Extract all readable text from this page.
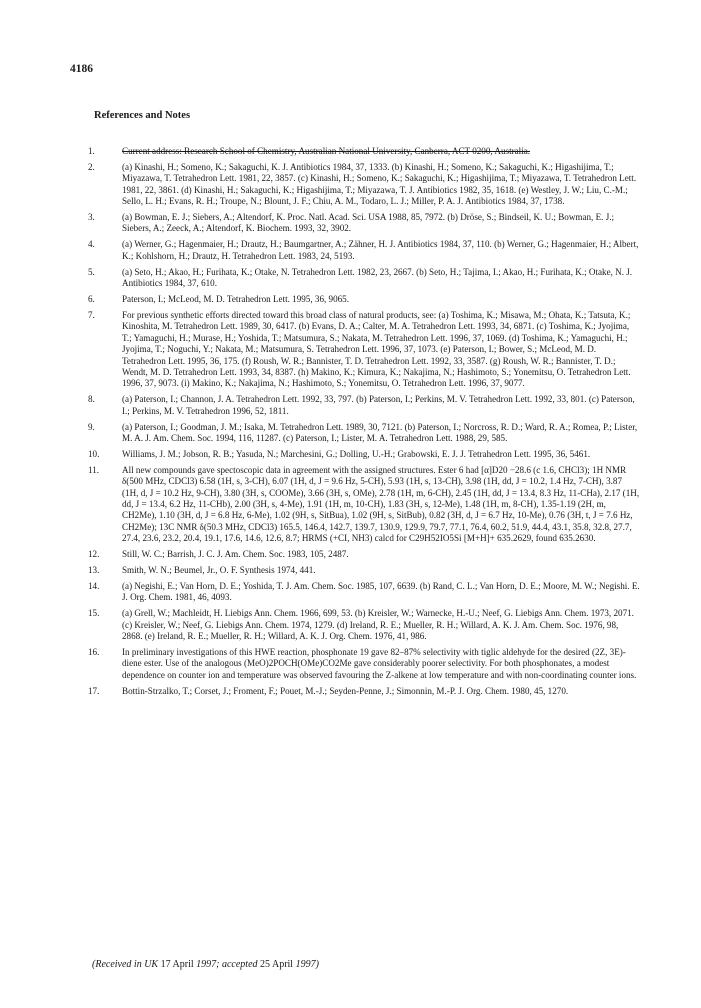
4186
References and Notes
1.	Current address: Research School of Chemistry, Australian National University, Canberra, ACT 0200, Australia.
2.	(a) Kinashi, H.; Someno, K.; Sakaguchi, K. J. Antibiotics 1984, 37, 1333. (b) Kinashi, H.; Someno, K.; Sakaguchi, K.; Higashijima, T.; Miyazawa, T. Tetrahedron Lett. 1981, 22, 3857. (c) Kinashi, H.; Someno, K.; Sakaguchi, K.; Higashijima, T.; Miyazawa, T. Tetrahedron Lett. 1981, 22, 3861. (d) Kinashi, H.; Sakaguchi, K.; Higashijima, T.; Miyazawa, T. J. Antibiotics 1982, 35, 1618. (e) Westley, J. W.; Liu, C.-M.; Sello, L. H.; Evans, R. H.; Troupe, N.; Blount, J. F.; Chiu, A. M., Todaro, L. J.; Miller, P. A. J. Antibiotics 1984, 37, 1738.
3.	(a) Bowman, E. J.; Siebers, A.; Altendorf, K. Proc. Natl. Acad. Sci. USA 1988, 85, 7972. (b) Dröse, S.; Bindseil, K. U.; Bowman, E. J.; Siebers, A.; Zeeck, A.; Altendorf, K. Biochem. 1993, 32, 3902.
4.	(a) Werner, G.; Hagenmaier, H.; Drautz, H.; Baumgartner, A.; Zähner, H. J. Antibiotics 1984, 37, 110. (b) Werner, G.; Hagenmaier, H.; Albert, K.; Kohlshorn, H.; Drautz, H. Tetrahedron Lett. 1983, 24, 5193.
5.	(a) Seto, H.; Akao, H.; Furihata, K.; Otake, N. Tetrahedron Lett. 1982, 23, 2667. (b) Seto, H.; Tajima, I.; Akao, H.; Furihata, K.; Otake, N. J. Antibiotics 1984, 37, 610.
6.	Paterson, I.; McLeod, M. D. Tetrahedron Lett. 1995, 36, 9065.
7.	For previous synthetic efforts directed toward this broad class of natural products, see: (a) Toshima, K.; Misawa, M.; Ohata, K.; Tatsuta, K.; Kinoshita, M. Tetrahedron Lett. 1989, 30, 6417. (b) Evans, D. A.; Calter, M. A. Tetrahedron Lett. 1993, 34, 6871. (c) Toshima, K.; Jyojima, T.; Yamaguchi, H.; Murase, H.; Yoshida, T.; Matsumura, S.; Nakata, M. Tetrahedron Lett. 1996, 37, 1069. (d) Toshima, K.; Yamaguchi, H.; Jyojima, T.; Noguchi, Y.; Nakata, M.; Matsumura, S. Tetrahedron Lett. 1996, 37, 1073. (e) Paterson, I.; Bower, S.; McLeod, M. D. Tetrahedron Lett. 1995, 36, 175. (f) Roush, W. R.; Bannister, T. D. Tetrahedron Lett. 1992, 33, 3587. (g) Roush, W. R.; Bannister, T. D.; Wendt, M. D. Tetrahedron Lett. 1993, 34, 8387. (h) Makino, K.; Kimura, K.; Nakajima, N.; Hashimoto, S.; Yonemitsu, O. Tetrahedron Lett. 1996, 37, 9073. (i) Makino, K.; Nakajima, N.; Hashimoto, S.; Yonemitsu, O. Tetrahedron Lett. 1996, 37, 9077.
8.	(a) Paterson, I.; Channon, J. A. Tetrahedron Lett. 1992, 33, 797. (b) Paterson, I.; Perkins, M. V. Tetrahedron Lett. 1992, 33, 801. (c) Paterson, I.; Perkins, M. V. Tetrahedron 1996, 52, 1811.
9.	(a) Paterson, I.; Goodman, J. M.; Isaka, M. Tetrahedron Lett. 1989, 30, 7121. (b) Paterson, I.; Norcross, R. D.; Ward, R. A.; Romea, P.; Lister, M. A. J. Am. Chem. Soc. 1994, 116, 11287. (c) Paterson, I.; Lister, M. A. Tetrahedron Lett. 1988, 29, 585.
10.	Williams, J. M.; Jobson, R. B.; Yasuda, N.; Marchesini, G.; Dolling, U.-H.; Grabowski, E. J. J. Tetrahedron Lett. 1995, 36, 5461.
11.	All new compounds gave spectoscopic data in agreement with the assigned structures. Ester 6 had [α]D20 −28.6 (c 1.6, CHCl3); 1H NMR δ(500 MHz, CDCl3) 6.58 (1H, s, 3-CH), 6.07 (1H, d, J = 9.6 Hz, 5-CH), 5.93 (1H, s, 13-CH), 3.98 (1H, dd, J = 10.2, 1.4 Hz, 7-CH), 3.87 (1H, d, J = 10.2 Hz, 9-CH), 3.80 (3H, s, COOMe), 3.66 (3H, s, OMe), 2.78 (1H, m, 6-CH), 2.45 (1H, dd, J = 13.4, 8.3 Hz, 11-CHa), 2.17 (1H, dd, J = 13.4, 6.2 Hz, 11-CHb), 2.00 (3H, s, 4-Me), 1.91 (1H, m, 10-CH), 1.83 (3H, s, 12-Me), 1.48 (1H, m, 8-CH), 1.35-1.19 (2H, m, CH2Me), 1.10 (3H, d, J = 6.8 Hz, 6-Me), 1.02 (9H, s, SitBua), 1.02 (9H, s, SitBub), 0.82 (3H, d, J = 6.7 Hz, 10-Me), 0.76 (3H, t, J = 7.6 Hz, CH2Me); 13C NMR δ(50.3 MHz, CDCl3) 165.5, 146.4, 142.7, 139.7, 130.9, 129.9, 79.7, 77.1, 76.4, 60.2, 51.9, 44.4, 43.1, 35.8, 32.8, 27.7, 27.4, 23.6, 23.2, 20.4, 19.1, 17.6, 14.6, 12.6, 8.7; HRMS (+CI, NH3) calcd for C29H52IO5Si [M+H]+ 635.2629, found 635.2630.
12.	Still, W. C.; Barrish, J. C. J. Am. Chem. Soc. 1983, 105, 2487.
13.	Smith, W. N.; Beumel, Jr., O. F. Synthesis 1974, 441.
14.	(a) Negishi, E.; Van Horn, D. E.; Yoshida, T. J. Am. Chem. Soc. 1985, 107, 6639. (b) Rand, C. L.; Van Horn, D. E.; Moore, M. W.; Negishi. E. J. Org. Chem. 1981, 46, 4093.
15.	(a) Grell, W.; Machleidt, H. Liebigs Ann. Chem. 1966, 699, 53. (b) Kreisler, W.; Warnecke, H.-U.; Neef, G. Liebigs Ann. Chem. 1973, 2071. (c) Kreisler, W.; Neef, G. Liebigs Ann. Chem. 1974, 1279. (d) Ireland, R. E.; Mueller, R. H.; Willard, A. K. J. Am. Chem. Soc. 1976, 98, 2868. (e) Ireland, R. E.; Mueller, R. H.; Willard, A. K. J. Org. Chem. 1976, 41, 986.
16.	In preliminary investigations of this HWE reaction, phosphonate 19 gave 82–87% selectivity with tiglic aldehyde for the desired (2Z, 3E)-diene ester. Use of the analogous (MeO)2POCH(OMe)CO2Me gave considerably poorer selectivity. For both phosphonates, a modest dependence on counter ion and temperature was observed favouring the Z-alkene at low temperature and with non-coordinating counter ions.
17.	Bottin-Strzalko, T.; Corset, J.; Froment, F.; Pouet, M.-J.; Seyden-Penne, J.; Simonnin, M.-P. J. Org. Chem. 1980, 45, 1270.
(Received in UK 17 April 1997; accepted 25 April 1997)
